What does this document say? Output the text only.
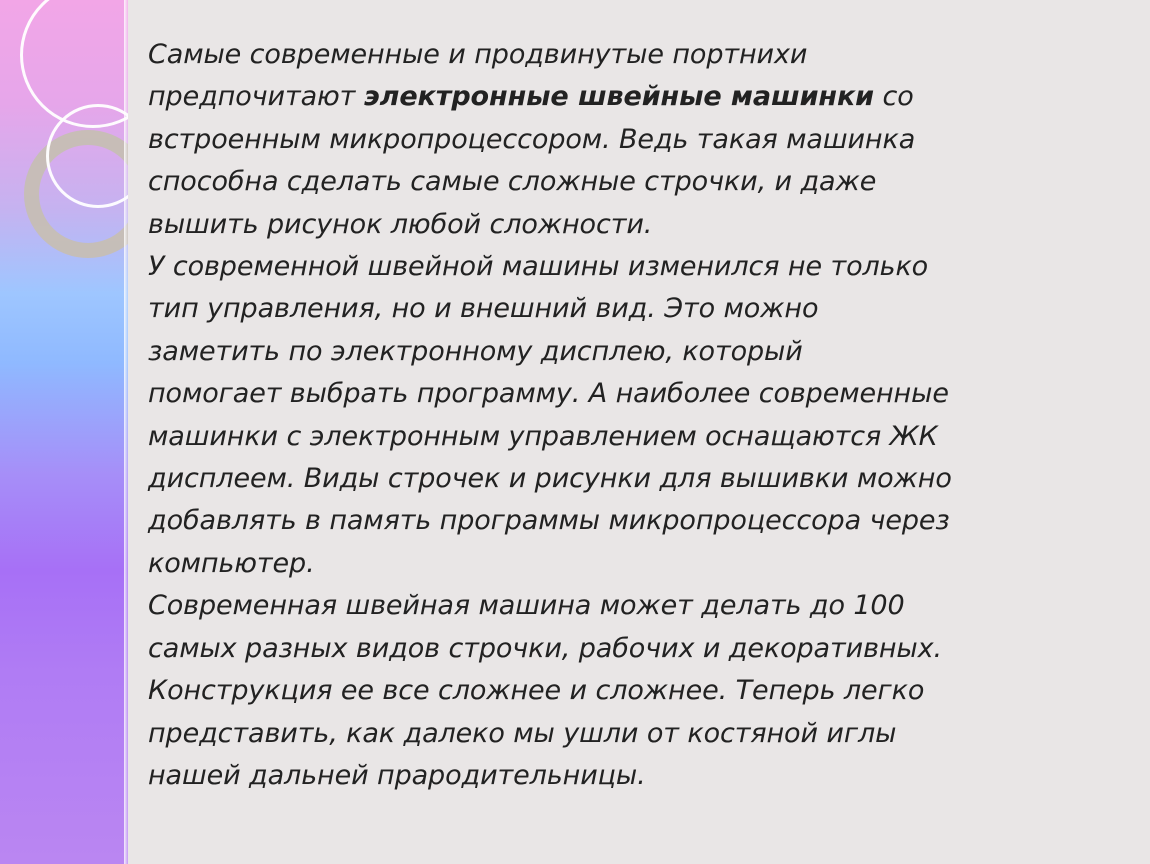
Самые современные и продвинутые портнихи
предпочитают электронные швейные машинки со
встроенным микропроцессором. Ведь такая машинка
способна сделать самые сложные строчки, и даже
вышить рисунок любой сложности.

У современной швейной машины изменился не только
тип управления, но и внешний вид. Это можно
заметить по электронному дисплею, который
помогает выбрать программу. А наиболее современные
машинки с электронным управлением оснащаются ЖК
дисплеем. Виды строчек и рисунки для вышивки можно
добавлять в память программы микропроцессора через
компьютер.

Современная швейная машина может делать до 100
самых разных видов строчки, рабочих и декоративных.
Конструкция ее все сложнее и сложнее. Теперь легко
представить, как далеко мы ушли от костяной иглы
нашей дальней прародительницы.
